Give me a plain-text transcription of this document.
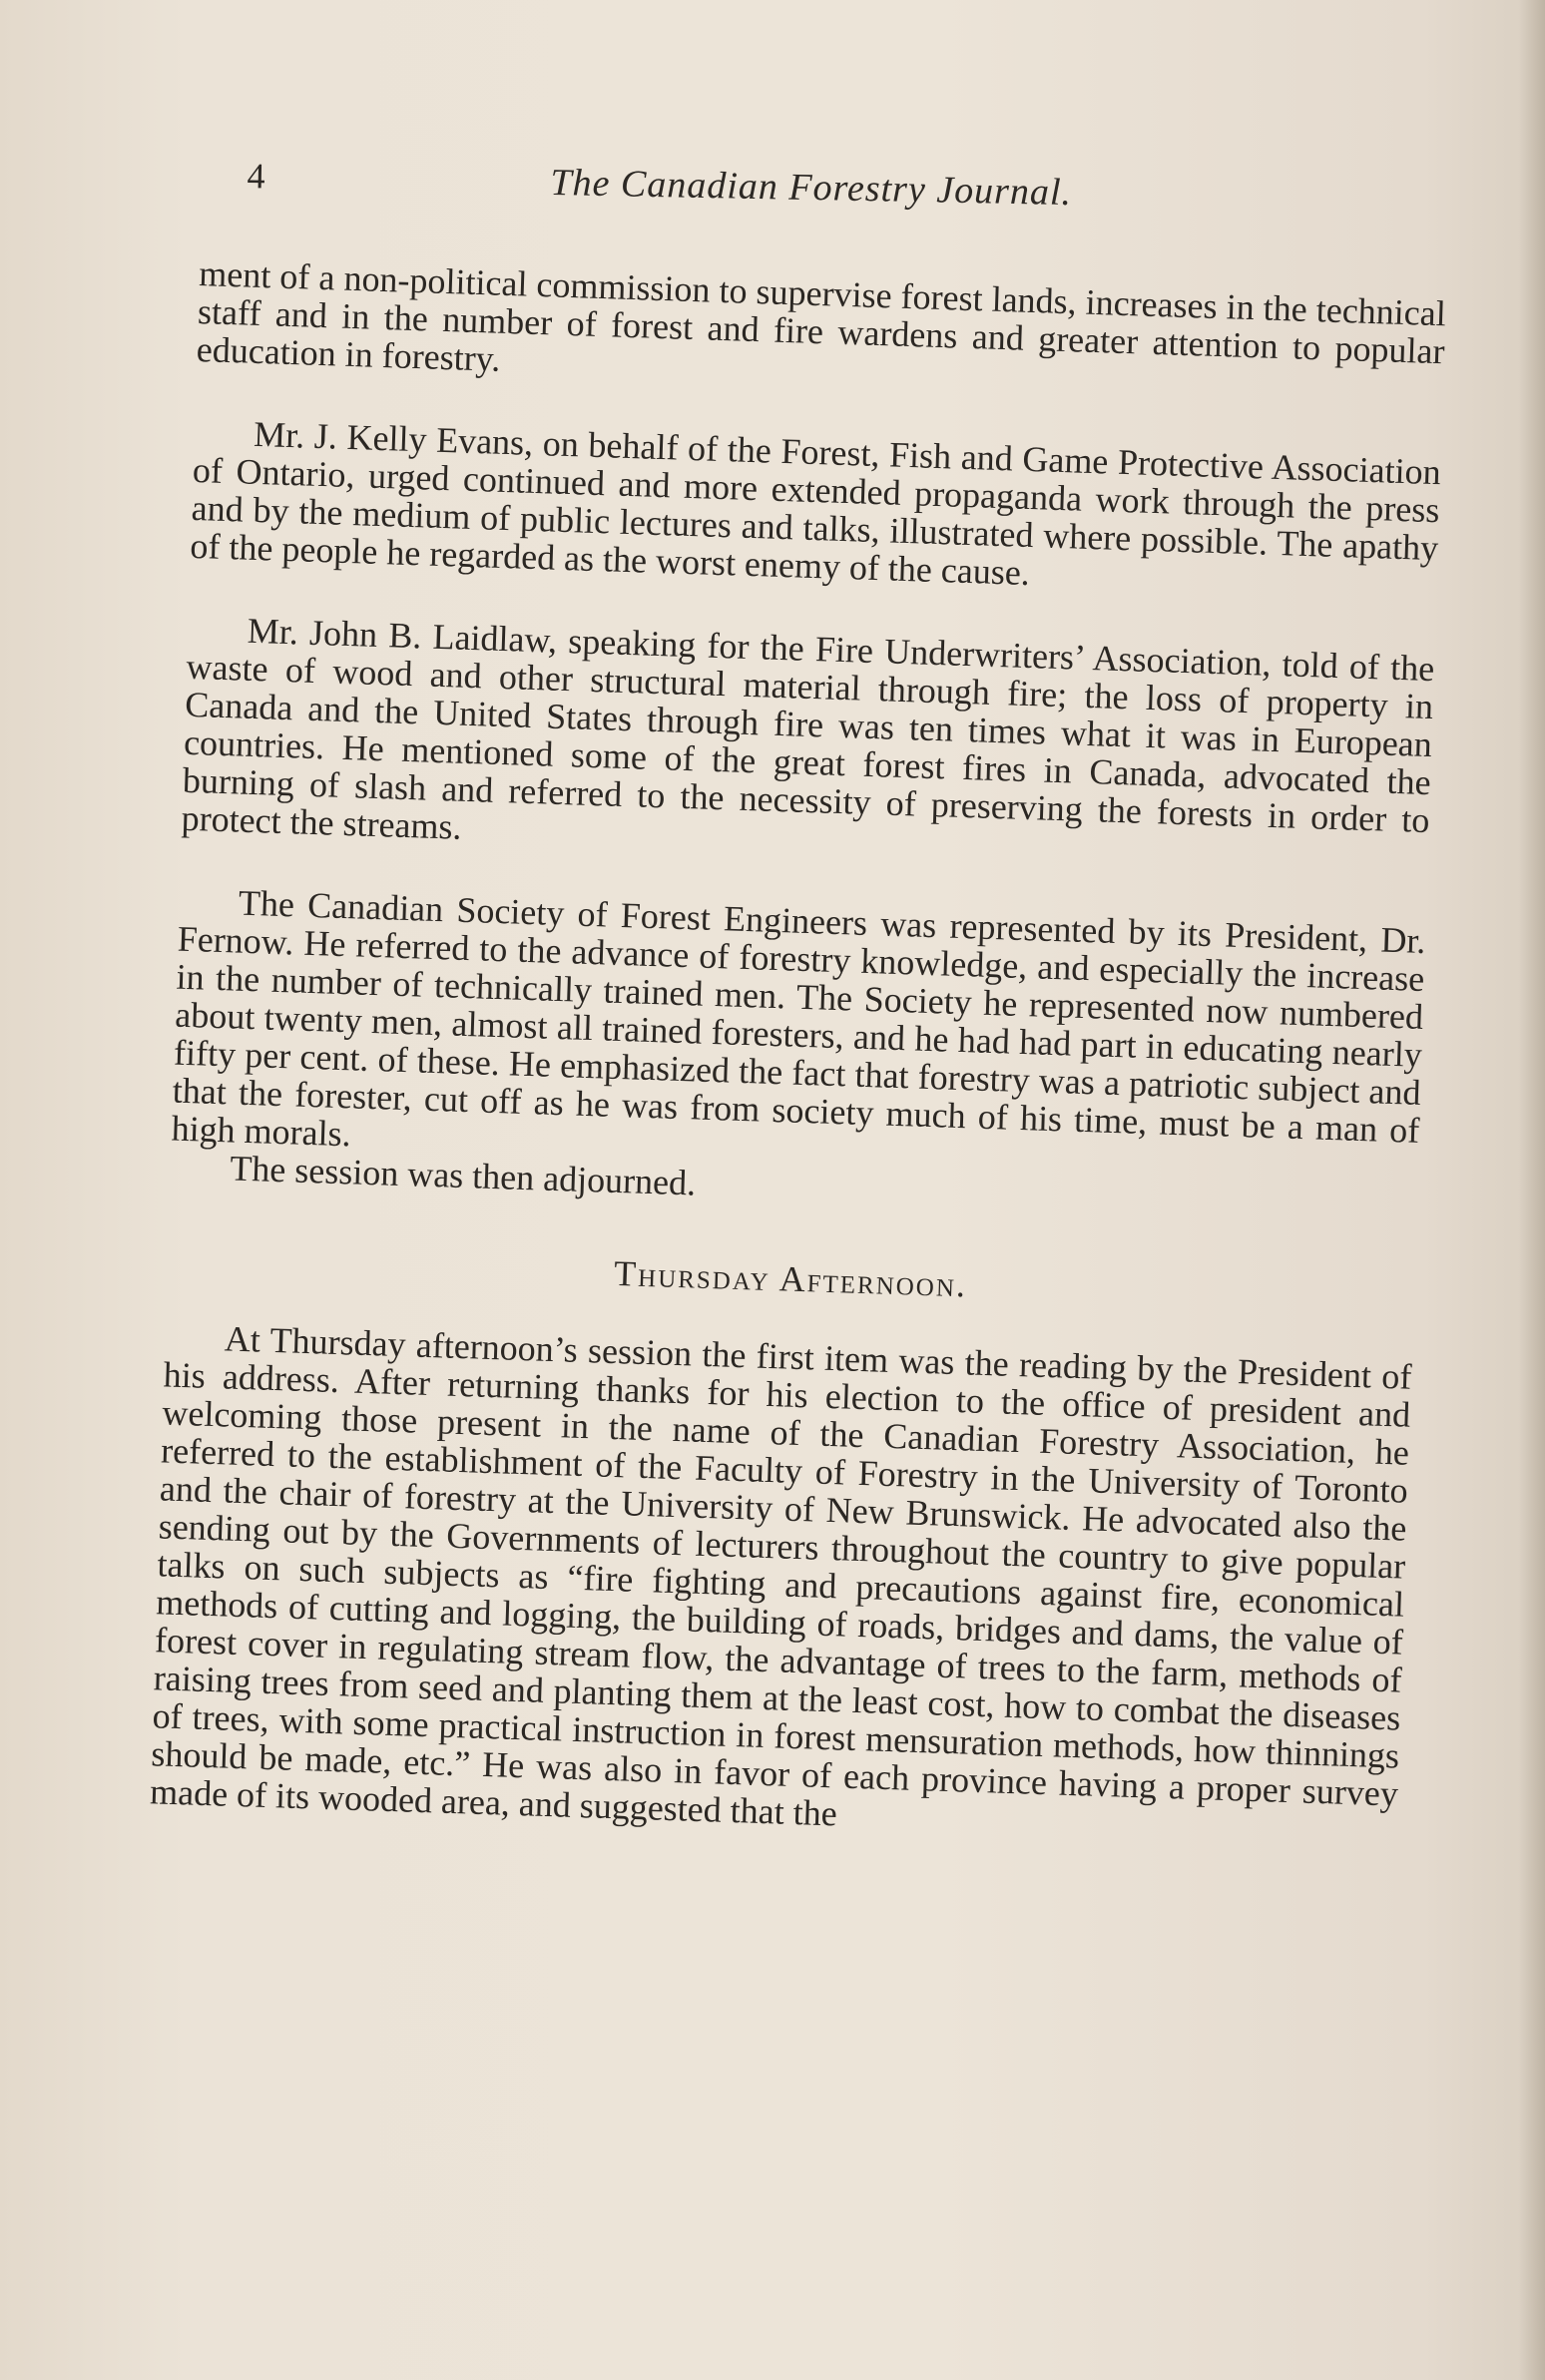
4	The Canadian Forestry Journal.

ment of a non-political commission to supervise forest lands, increases in the technical staff and in the number of forest and fire wardens and greater attention to popular education in forestry.

Mr. J. Kelly Evans, on behalf of the Forest, Fish and Game Protective Association of Ontario, urged continued and more extended propaganda work through the press and by the medium of public lectures and talks, illustrated where possible. The apathy of the people he regarded as the worst enemy of the cause.

Mr. John B. Laidlaw, speaking for the Fire Underwriters’ Association, told of the waste of wood and other structural material through fire; the loss of property in Canada and the United States through fire was ten times what it was in European countries. He mentioned some of the great forest fires in Canada, advocated the burning of slash and referred to the necessity of preserving the forests in order to protect the streams.

The Canadian Society of Forest Engineers was represented by its President, Dr. Fernow. He referred to the advance of forestry knowledge, and especially the increase in the number of technically trained men. The Society he represented now numbered about twenty men, almost all trained foresters, and he had had part in educating nearly fifty per cent. of these. He emphasized the fact that forestry was a patriotic subject and that the forester, cut off as he was from society much of his time, must be a man of high morals.

The session was then adjourned.

Thursday Afternoon.

At Thursday afternoon’s session the first item was the reading by the President of his address. After returning thanks for his election to the office of president and welcoming those present in the name of the Canadian Forestry Association, he referred to the establishment of the Faculty of Forestry in the University of Toronto and the chair of forestry at the University of New Brunswick. He advocated also the sending out by the Governments of lecturers throughout the country to give popular talks on such subjects as “fire fighting and precautions against fire, economical methods of cutting and logging, the building of roads, bridges and dams, the value of forest cover in regulating stream flow, the advantage of trees to the farm, methods of raising trees from seed and planting them at the least cost, how to combat the diseases of trees, with some practical instruction in forest mensuration methods, how thinnings should be made, etc.” He was also in favor of each province having a proper survey made of its wooded area, and suggested that the
